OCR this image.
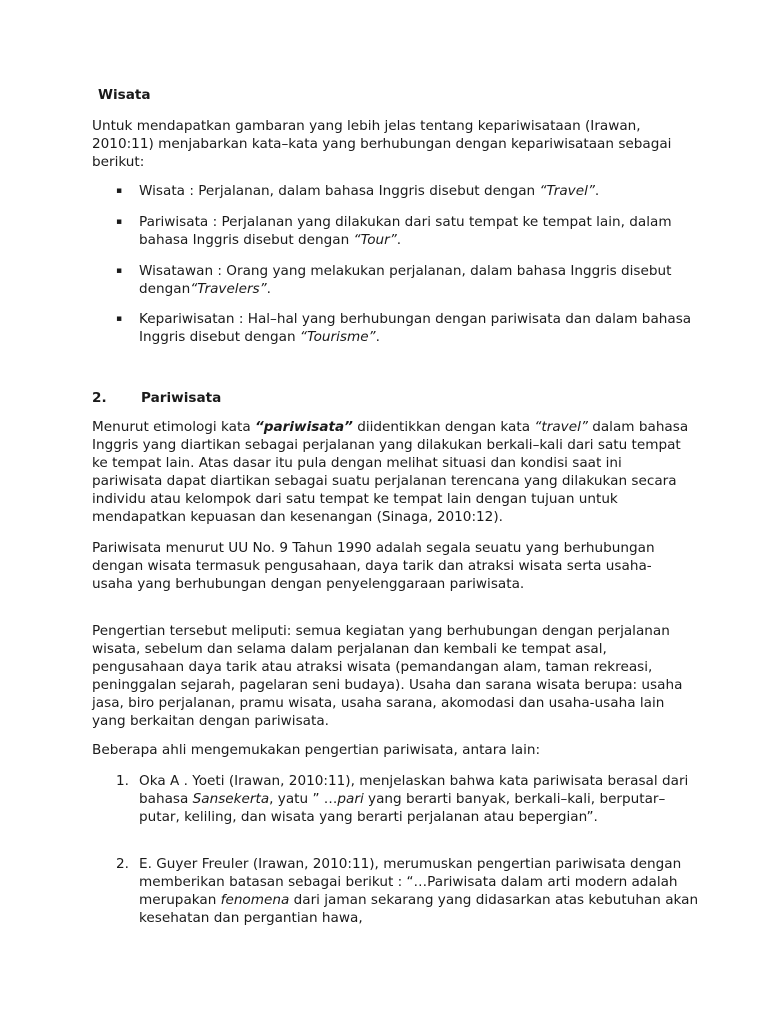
Wisata

Untuk mendapatkan gambaran yang lebih jelas tentang kepariwisataan (Irawan, 2010:11) menjabarkan kata–kata yang berhubungan dengan kepariwisataan sebagai berikut:

▪ Wisata : Perjalanan, dalam bahasa Inggris disebut dengan “Travel”.

▪ Pariwisata : Perjalanan yang dilakukan dari satu tempat ke tempat lain, dalam bahasa Inggris disebut dengan “Tour”.

▪ Wisatawan : Orang yang melakukan perjalanan, dalam bahasa Inggris disebut dengan“Travelers”.

▪ Kepariwisatan : Hal–hal yang berhubungan dengan pariwisata dan dalam bahasa Inggris disebut dengan “Tourisme”.

2.	Pariwisata

Menurut etimologi kata “pariwisata” diidentikkan dengan kata “travel” dalam bahasa Inggris yang diartikan sebagai perjalanan yang dilakukan berkali–kali dari satu tempat ke tempat lain. Atas dasar itu pula dengan melihat situasi dan kondisi saat ini pariwisata dapat diartikan sebagai suatu perjalanan terencana yang dilakukan secara individu atau kelompok dari satu tempat ke tempat lain dengan tujuan untuk mendapatkan kepuasan dan kesenangan (Sinaga, 2010:12).

Pariwisata menurut UU No. 9 Tahun 1990 adalah segala seuatu yang berhubungan dengan wisata termasuk pengusahaan, daya tarik dan atraksi wisata serta usaha-usaha yang berhubungan dengan penyelenggaraan pariwisata.

Pengertian tersebut meliputi: semua kegiatan yang berhubungan dengan perjalanan wisata, sebelum dan selama dalam perjalanan dan kembali ke tempat asal, pengusahaan daya tarik atau atraksi wisata (pemandangan alam, taman rekreasi, peninggalan sejarah, pagelaran seni budaya). Usaha dan sarana wisata berupa: usaha jasa, biro perjalanan, pramu wisata, usaha sarana, akomodasi dan usaha-usaha lain yang berkaitan dengan pariwisata.

Beberapa ahli mengemukakan pengertian pariwisata, antara lain:

1. Oka A . Yoeti (Irawan, 2010:11), menjelaskan bahwa kata pariwisata berasal dari bahasa Sansekerta, yatu ” …pari yang berarti banyak, berkali–kali, berputar–putar, keliling, dan wisata yang berarti perjalanan atau bepergian”.

2. E. Guyer Freuler (Irawan, 2010:11), merumuskan pengertian pariwisata dengan memberikan batasan sebagai berikut : “…Pariwisata dalam arti modern adalah merupakan fenomena dari jaman sekarang yang didasarkan atas kebutuhan akan kesehatan dan pergantian hawa,
